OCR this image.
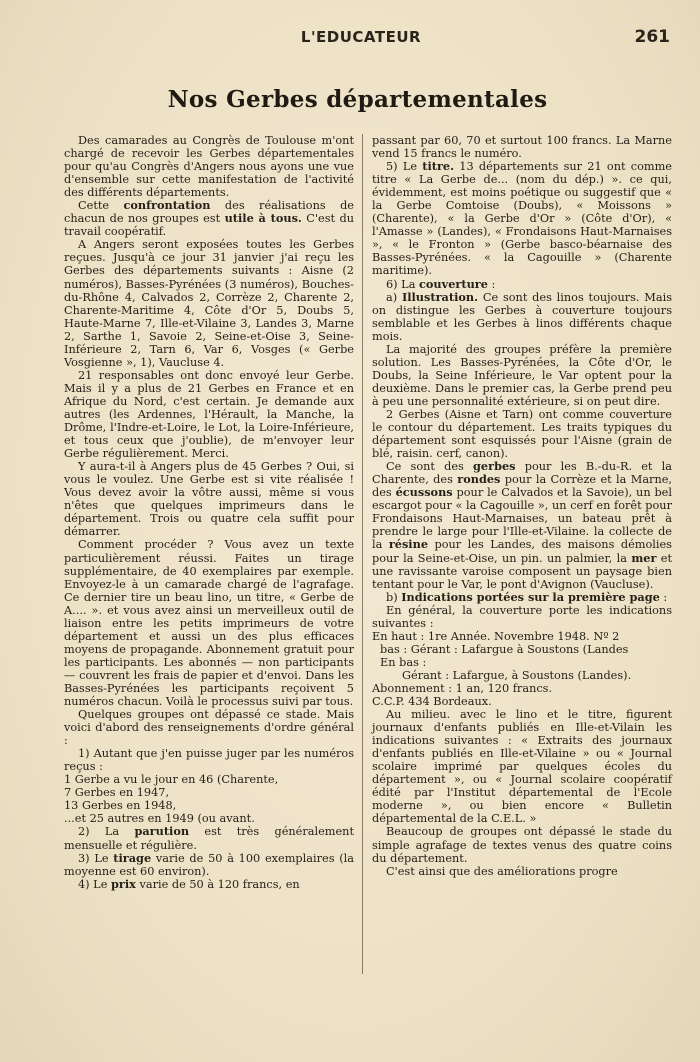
L'EDUCATEUR	261
Nos Gerbes départementales

Des camarades au Congrès de Toulouse m'ont chargé de recevoir les Gerbes départementales pour qu'au Congrès d'Angers nous ayons une vue d'ensemble sur cette manifestation de l'activité des différents départements.

Cette confrontation des réalisations de chacun de nos groupes est utile à tous. C'est du travail coopératif.

A Angers seront exposées toutes les Gerbes reçues. Jusqu'à ce jour 31 janvier j'ai reçu les Gerbes des départements suivants : Aisne (2 numéros), Basses-Pyrénées (3 numéros), Bouches-du-Rhône 4, Calvados 2, Corrèze 2, Charente 2, Charente-Maritime 4, Côte d'Or 5, Doubs 5, Haute-Marne 7, Ille-et-Vilaine 3, Landes 3, Marne 2, Sarthe 1, Savoie 2, Seine-et-Oise 3, Seine-Inférieure 2, Tarn 6, Var 6, Vosges (« Gerbe Vosgienne », 1), Vaucluse 4.

21 responsables ont donc envoyé leur Gerbe. Mais il y a plus de 21 Gerbes en France et en Afrique du Nord, c'est certain. Je demande aux autres (les Ardennes, l'Hérault, la Manche, la Drôme, l'Indre-et-Loire, le Lot, la Loire-Inférieure, et tous ceux que j'oublie), de m'envoyer leur Gerbe régulièrement. Merci.

Y aura-t-il à Angers plus de 45 Gerbes ? Oui, si vous le voulez. Une Gerbe est si vite réalisée ! Vous devez avoir la vôtre aussi, même si vous n'êtes que quelques imprimeurs dans le département. Trois ou quatre cela suffit pour démarrer.

Comment procéder ? Vous avez un texte particulièrement réussi. Faites un tirage supplémentaire, de 40 exemplaires par exemple. Envoyez-le à un camarade chargé de l'agrafage. Ce dernier tire un beau lino, un titre, « Gerbe de A.... ». et vous avez ainsi un merveilleux outil de liaison entre les petits imprimeurs de votre département et aussi un des plus efficaces moyens de propagande. Abonnement gratuit pour les participants. Les abonnés — non participants — couvrent les frais de papier et d'envoi. Dans les Basses-Pyrénées les participants reçoivent 5 numéros chacun. Voilà le processus suivi par tous.

Quelques groupes ont dépassé ce stade. Mais voici d'abord des renseignements d'ordre général :

1) Autant que j'en puisse juger par les numéros reçus :

1 Gerbe a vu le jour en 46 (Charente,
7 Gerbes en 1947,
13 Gerbes en 1948,
...et 25 autres en 1949 (ou avant.

2) La parution est très généralement mensuelle et régulière.

3) Le tirage varie de 50 à 100 exemplaires (la moyenne est 60 environ).

4) Le prix varie de 50 à 120 francs, en

passant par 60, 70 et surtout 100 francs. La Marne vend 15 francs le numéro.

5) Le titre. 13 départements sur 21 ont comme titre « La Gerbe de... (nom du dép.) ». ce qui, évidemment, est moins poétique ou suggestif que « la Gerbe Comtoise (Doubs), « Moissons » (Charente), « la Gerbe d'Or » (Côte d'Or), « l'Amasse » (Landes), « Frondaisons Haut-Marnaises », « le Fronton » (Gerbe basco-béarnaise des Basses-Pyrénées. « la Cagouille » (Charente maritime).

6) La couverture :

a) Illustration. Ce sont des linos toujours. Mais on distingue les Gerbes à couverture toujours semblable et les Gerbes à linos différents chaque mois.

La majorité des groupes préfère la première solution. Les Basses-Pyrénées, la Côte d'Or, le Doubs, la Seine Inférieure, le Var optent pour la deuxième. Dans le premier cas, la Gerbe prend peu à peu une personnalité extérieure, si on peut dire.

2 Gerbes (Aisne et Tarn) ont comme couverture le contour du département. Les traits typiques du département sont esquissés pour l'Aisne (grain de blé, raisin. cerf, canon).

Ce sont des gerbes pour les B.-du-R. et la Charente, des rondes pour la Corrèze et la Marne, des écussons pour le Calvados et la Savoie), un bel escargot pour « la Cagouille », un cerf en forêt pour Frondaisons Haut-Marnaises, un bateau prêt à prendre le large pour l'Ille-et-Vilaine. la collecte de la résine pour les Landes, des maisons démolies pour la Seine-et-Oise, un pin. un palmier, la mer et une ravissante varoise composent un paysage bien tentant pour le Var, le pont d'Avignon (Vaucluse).

b) Indications portées sur la première page :

En général, la couverture porte les indications suivantes :

En haut : 1re Année. Novembre 1948. Nº 2
bas : Gérant : Lafargue à Soustons (Landes
En bas :
Gérant : Lafargue, à Soustons (Landes).
Abonnement : 1 an, 120 francs.
C.C.P. 434 Bordeaux.

Au milieu. avec le lino et le titre, figurent journaux d'enfants publiés en Ille-et-Vilain les indications suivantes : « Extraits des journaux d'enfants publiés en Ille-et-Vilaine » ou « Journal scolaire imprimé par quelques écoles du département », ou « Journal scolaire coopératif édité par l'Institut départemental de l'Ecole moderne », ou bien encore « Bulletin départemental de la C.E.L. »

Beaucoup de groupes ont dépassé le stade du simple agrafage de textes venus des quatre coins du département.

C'est ainsi que des améliorations progre
